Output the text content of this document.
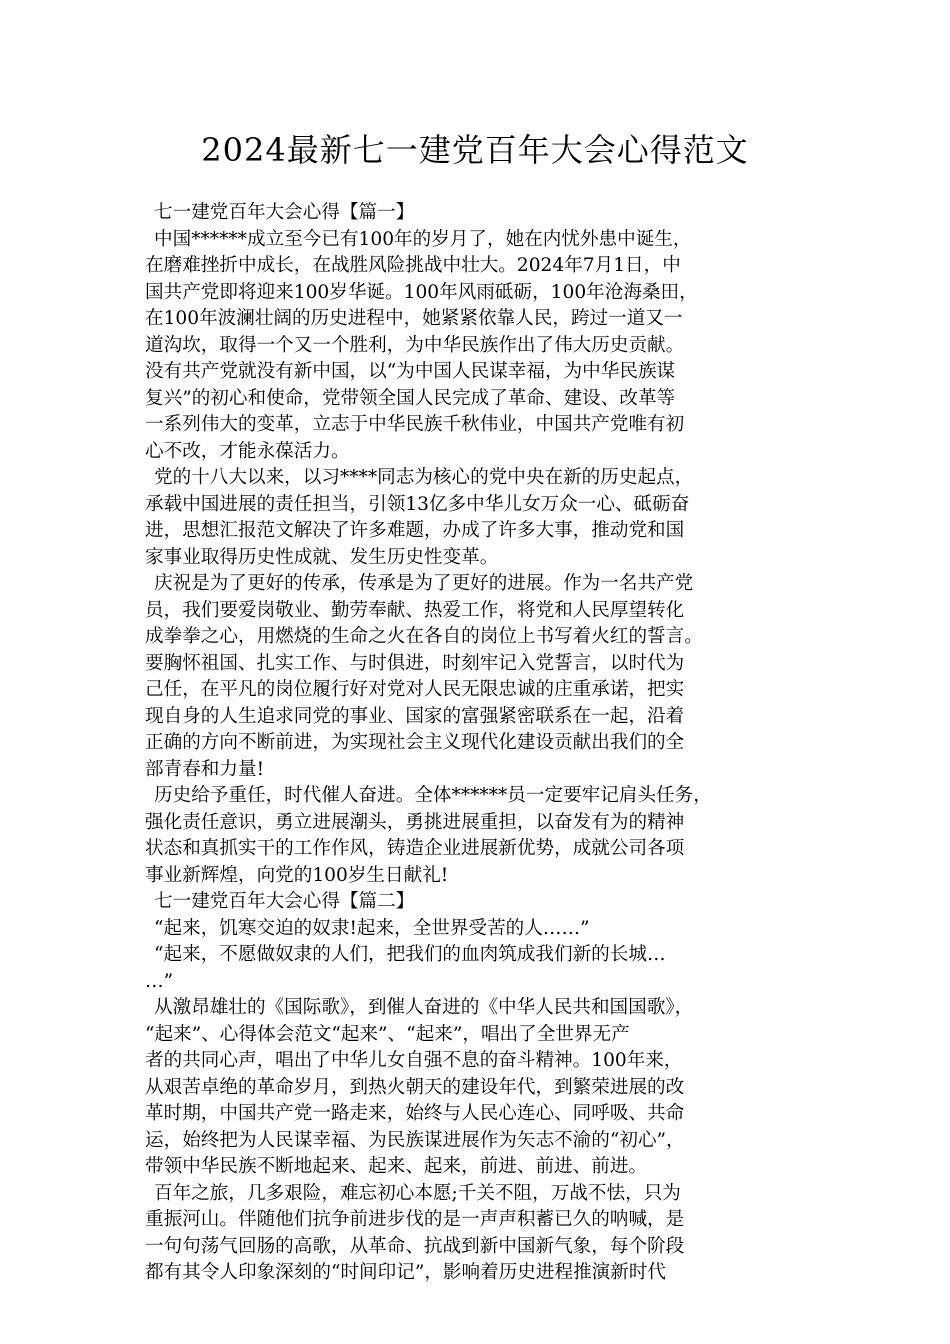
2024最新七一建党百年大会心得范文
七一建党百年大会心得【篇一】
中国******成立至今已有100年的岁月了，她在内忧外患中诞生，
在磨难挫折中成长，在战胜风险挑战中壮大。2024年7月1日，中
国共产党即将迎来100岁华诞。100年风雨砥砺，100年沧海桑田，
在100年波澜壮阔的历史进程中，她紧紧依靠人民，跨过一道又一
道沟坎，取得一个又一个胜利，为中华民族作出了伟大历史贡献。
没有共产党就没有新中国，以“为中国人民谋幸福，为中华民族谋
复兴”的初心和使命，党带领全国人民完成了革命、建设、改革等
一系列伟大的变革，立志于中华民族千秋伟业，中国共产党唯有初
心不改，才能永葆活力。
党的十八大以来，以习****同志为核心的党中央在新的历史起点，
承载中国进展的责任担当，引领13亿多中华儿女万众一心、砥砺奋
进，思想汇报范文解决了许多难题，办成了许多大事，推动党和国
家事业取得历史性成就、发生历史性变革。
庆祝是为了更好的传承，传承是为了更好的进展。作为一名共产党
员，我们要爱岗敬业、勤劳奉献、热爱工作，将党和人民厚望转化
成拳拳之心，用燃烧的生命之火在各自的岗位上书写着火红的誓言。
要胸怀祖国、扎实工作、与时俱进，时刻牢记入党誓言，以时代为
己任，在平凡的岗位履行好对党对人民无限忠诚的庄重承诺，把实
现自身的人生追求同党的事业、国家的富强紧密联系在一起，沿着
正确的方向不断前进，为实现社会主义现代化建设贡献出我们的全
部青春和力量!
历史给予重任，时代催人奋进。全体******员一定要牢记肩头任务，
强化责任意识，勇立进展潮头，勇挑进展重担，以奋发有为的精神
状态和真抓实干的工作作风，铸造企业进展新优势，成就公司各项
事业新辉煌，向党的100岁生日献礼!
七一建党百年大会心得【篇二】
“起来，饥寒交迫的奴隶!起来，全世界受苦的人……”
“起来，不愿做奴隶的人们，把我们的血肉筑成我们新的长城…
…”
从激昂雄壮的《国际歌》，到催人奋进的《中华人民共和国国歌》，
“起来”、心得体会范文“起来”、“起来”，唱出了全世界无产
者的共同心声，唱出了中华儿女自强不息的奋斗精神。100年来，
从艰苦卓绝的革命岁月，到热火朝天的建设年代，到繁荣进展的改
革时期，中国共产党一路走来，始终与人民心连心、同呼吸、共命
运，始终把为人民谋幸福、为民族谋进展作为矢志不渝的“初心”，
带领中华民族不断地起来、起来、起来，前进、前进、前进。
百年之旅，几多艰险，难忘初心本愿;千关不阻，万战不怯，只为
重振河山。伴随他们抗争前进步伐的是一声声积蓄已久的呐喊，是
一句句荡气回肠的高歌，从革命、抗战到新中国新气象，每个阶段
都有其令人印象深刻的“时间印记”，影响着历史进程推演新时代
